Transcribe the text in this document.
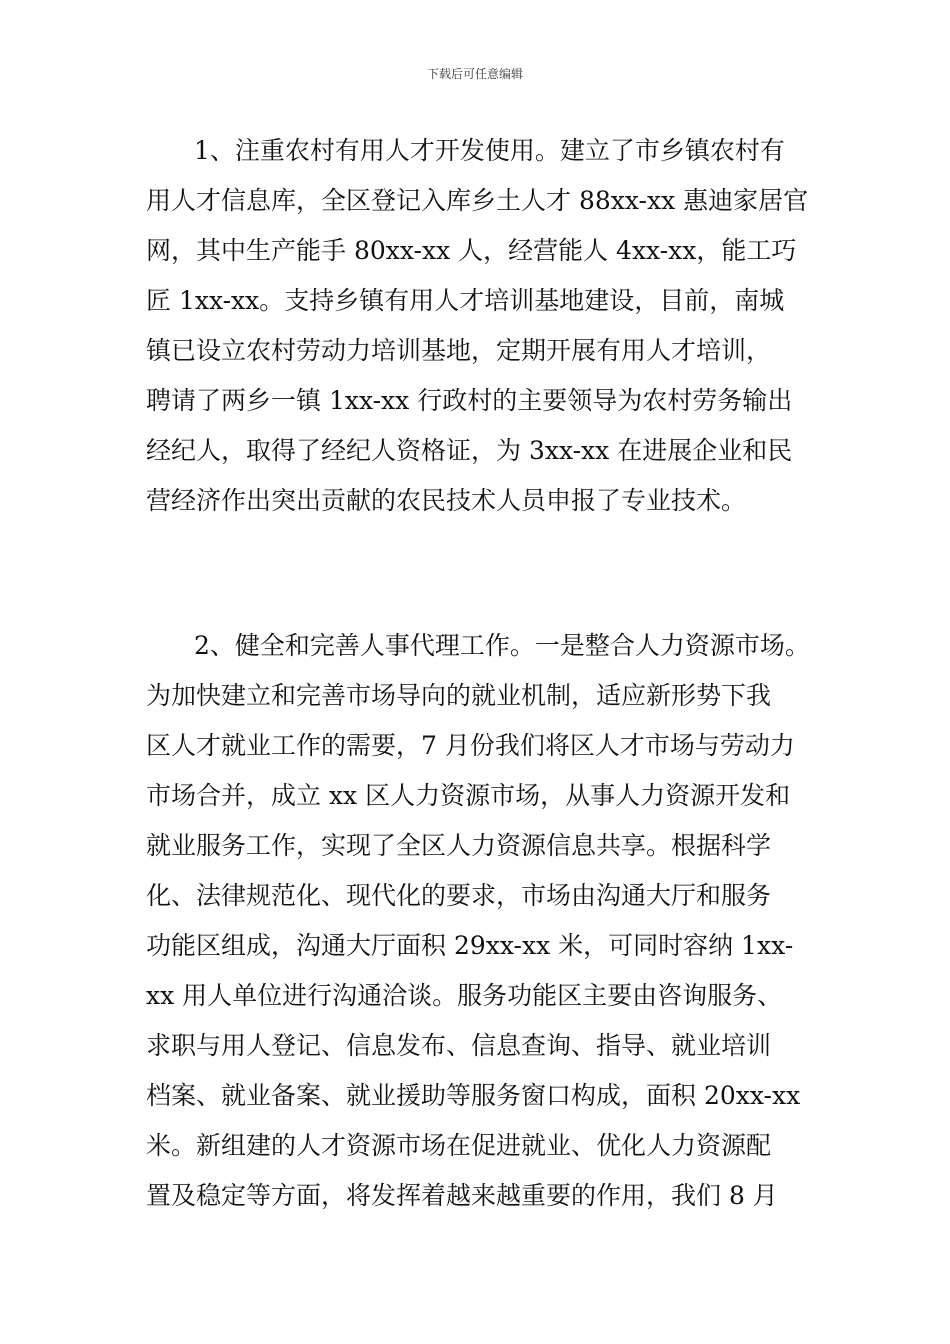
下载后可任意编辑
1、注重农村有用人才开发使用。建立了市乡镇农村有
用人才信息库，全区登记入库乡土人才 88xx-xx 惠迪家居官
网，其中生产能手 80xx-xx 人，经营能人 4xx-xx，能工巧
匠 1xx-xx。支持乡镇有用人才培训基地建设，目前，南城
镇已设立农村劳动力培训基地，定期开展有用人才培训，
聘请了两乡一镇 1xx-xx 行政村的主要领导为农村劳务输出
经纪人，取得了经纪人资格证，为 3xx-xx 在进展企业和民
营经济作出突出贡献的农民技术人员申报了专业技术。
2、健全和完善人事代理工作。一是整合人力资源市场。
为加快建立和完善市场导向的就业机制，适应新形势下我
区人才就业工作的需要，7 月份我们将区人才市场与劳动力
市场合并，成立 xx 区人力资源市场，从事人力资源开发和
就业服务工作，实现了全区人力资源信息共享。根据科学
化、法律规范化、现代化的要求，市场由沟通大厅和服务
功能区组成，沟通大厅面积 29xx-xx 米，可同时容纳 1xx-
xx 用人单位进行沟通洽谈。服务功能区主要由咨询服务、
求职与用人登记、信息发布、信息查询、指导、就业培训
档案、就业备案、就业援助等服务窗口构成，面积 20xx-xx
米。新组建的人才资源市场在促进就业、优化人力资源配
置及稳定等方面，将发挥着越来越重要的作用，我们 8 月
